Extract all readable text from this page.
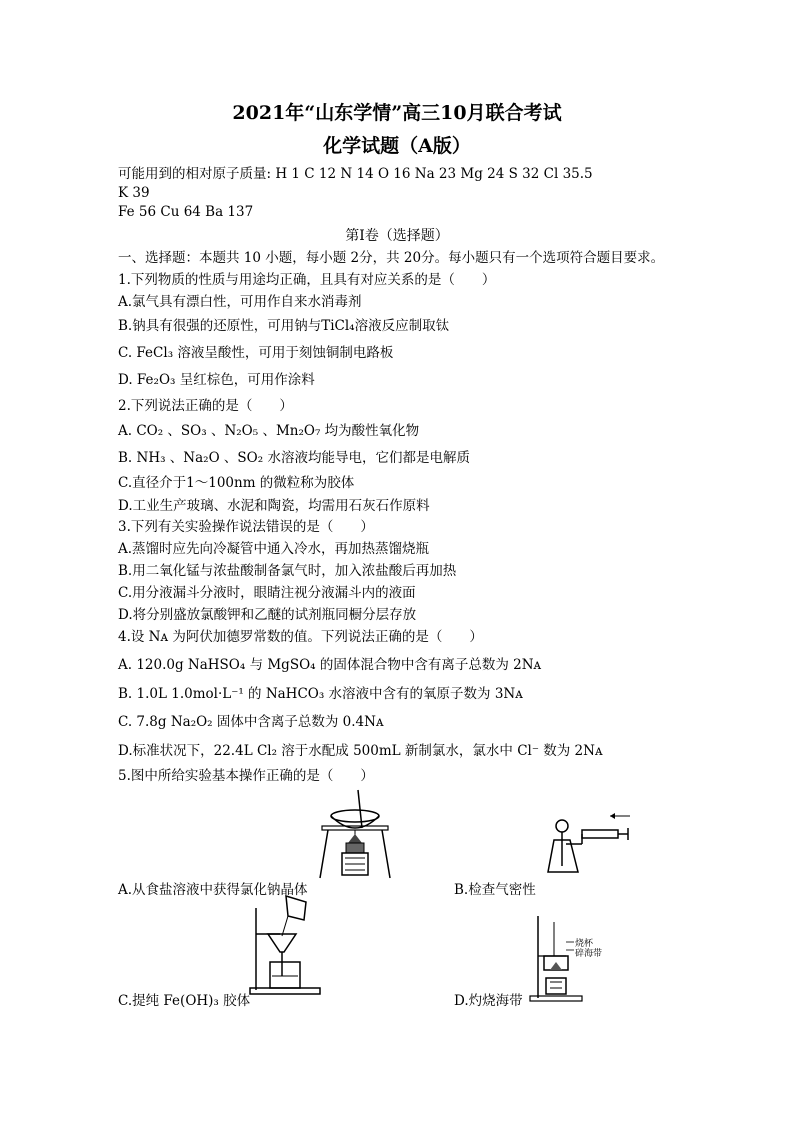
2021年“山东学情”高三10月联合考试
化学试题（A版）
可能用到的相对原子质量: H 1 C 12 N 14 O 16 Na 23 Mg 24 S 32 Cl 35.5
K 39
Fe 56 Cu 64 Ba 137
第Ⅰ卷（选择题）
一、选择题：本题共 10 小题，每小题 2分，共 20分。每小题只有一个选项符合题目要求。
1.下列物质的性质与用途均正确，且具有对应关系的是（　　）
A.氯气具有漂白性，可用作自来水消毒剂
B.钠具有很强的还原性，可用钠与TiCl₄溶液反应制取钛
C. FeCl₃ 溶液呈酸性，可用于刻蚀铜制电路板
D. Fe₂O₃ 呈红棕色，可用作涂料
2.下列说法正确的是（　　）
A. CO₂ 、SO₃ 、N₂O₅ 、Mn₂O₇ 均为酸性氧化物
B. NH₃ 、Na₂O 、SO₂ 水溶液均能导电，它们都是电解质
C.直径介于1～100nm 的微粒称为胶体
D.工业生产玻璃、水泥和陶瓷，均需用石灰石作原料
3.下列有关实验操作说法错误的是（　　）
A.蒸馏时应先向冷凝管中通入冷水，再加热蒸馏烧瓶
B.用二氧化锰与浓盐酸制备氯气时，加入浓盐酸后再加热
C.用分液漏斗分液时，眼睛注视分液漏斗内的液面
D.将分别盛放氯酸钾和乙醚的试剂瓶同橱分层存放
4.设 Nᴀ 为阿伏加德罗常数的值。下列说法正确的是（　　）
A. 120.0g NaHSO₄ 与 MgSO₄ 的固体混合物中含有离子总数为 2Nᴀ
B. 1.0L 1.0mol·L⁻¹ 的 NaHCO₃ 水溶液中含有的氧原子数为 3Nᴀ
C. 7.8g Na₂O₂ 固体中含离子总数为 0.4Nᴀ
D.标准状况下，22.4L Cl₂ 溶于水配成 500mL 新制氯水，氯水中 Cl⁻ 数为 2Nᴀ
5.图中所给实验基本操作正确的是（　　）
A.从食盐溶液中获得氯化钠晶体	B.检查气密性
C.提纯 Fe(OH)₃ 胶体
烧杯
碎海带
D.灼烧海带
